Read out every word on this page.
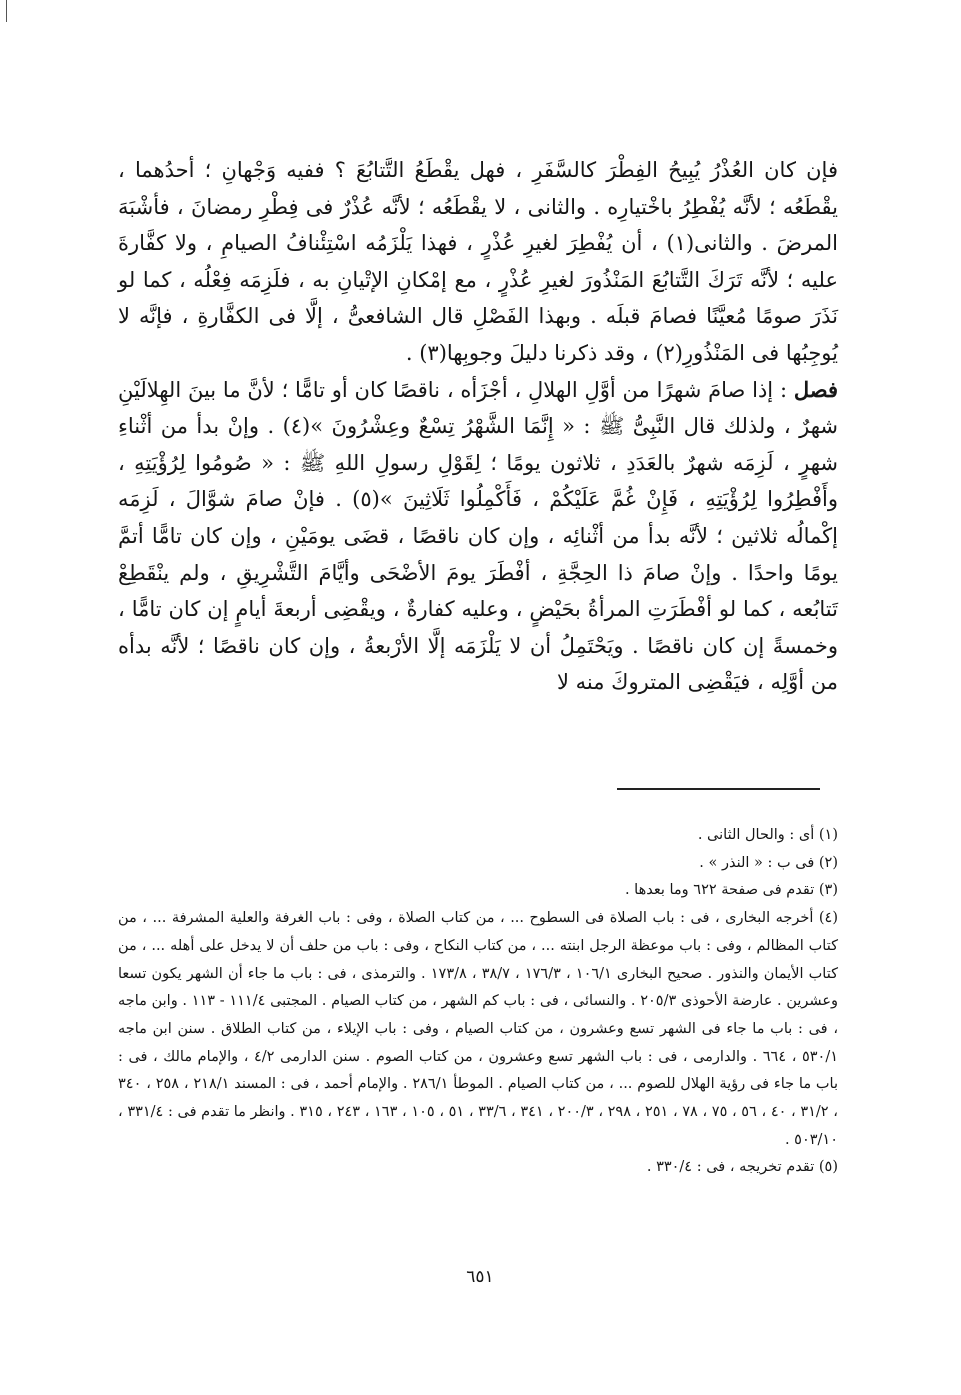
فإن كان العُذْرُ يُبِيحُ الفِطْرَ كالسَّفَرِ ، فهل يقْطَعُ التَّتابُعَ ؟ ففيه وَجْهانِ ؛ أحدُهما ، يقْطَعُه ؛ لأنَّه يُفْطِرُ باخْتيارِه . والثانى ، لا يقْطَعُه ؛ لأنَّه عُذْرٌ فى فِطْرِ رمضانَ ، فأشْبَهَ المرضَ . والثانى(١) ، أن يُفْطِرَ لغيرِ عُذْرٍ ، فهذا يَلْزَمُه اسْتِئْنافُ الصيامِ ، ولا كفَّارةَ عليه ؛ لأنَّه تَرَكَ التَّتابُعَ المَنْذُورَ لغيرِ عُذْرٍ ، مع إمْكانِ الإتْيانِ به ، فلَزِمَه فِعْلُه ، كما لو نَذَرَ صومًا مُعيَّنًا فصامَ قبلَه . وبهذا الفَصْلِ قال الشافعىُّ ، إلَّا فى الكفَّارةِ ، فإنَّه لا يُوجِبُها فى المَنْذُورِ(٢) ، وقد ذكرنا دليلَ وجوبِها(٣) .

فصل : إذا صامَ شهرًا من أوَّلِ الهلالِ ، أجْزَأه ، ناقصًا كان أو تامًّا ؛ لأنَّ ما بينَ الهِلالَيْنِ شهرٌ ، ولذلك قال النَّبِىُّ ﷺ : « إِنَّمَا الشَّهْرُ تِسْعٌ وعِشْرُونَ »(٤) . وإنْ بدأ من أثْناءِ شهرٍ ، لَزِمَه شهرٌ بالعَدَدِ ، ثلاثون يومًا ؛ لِقَوْلِ رسولِ اللهِ ﷺ : « صُومُوا لِرُؤْيَتِهِ ، وأَفْطِرُوا لِرُؤْيَتِهِ ، فَإِنْ غُمَّ عَلَيْكُمْ ، فَأَكْمِلُوا ثَلَاثِينَ »(٥) . فإنْ صامَ شوَّالَ ، لَزِمَه إكْمالُه ثلاثين ؛ لأنَّه بدأ من أثْنائِه ، وإن كان ناقصًا ، قضَى يومَيْنِ ، وإن كان تامًّا أتمَّ يومًا واحدًا . وإنْ صامَ ذا الحِجَّةِ ، أفْطَرَ يومَ الأضْحَى وأيَّامَ التَّشْرِيقِ ، ولم ينْقَطِعْ تَتابُعه ، كما لو أفْطَرَتِ المرأةُ بحَيْضٍ ، وعليه كفارةٌ ، ويقْضِى أربعةَ أيامٍ إن كان تامًّا ، وخمسةً إن كان ناقصًا . ويَحْتَمِلُ أن لا يَلْزَمَه إلَّا الأرْبعةُ ، وإن كان ناقصًا ؛ لأنَّه بدأه من أوَّلِه ، فيَقْضِى المتروكَ منه لا

(١) أى : والحال الثانى .

(٢) فى ب : « النذر » .

(٣) تقدم فى صفحة ٦٢٢ وما بعدها .

(٤) أخرجه البخارى ، فى : باب الصلاة فى السطوح ... ، من كتاب الصلاة ، وفى : باب الغرفة والعلية المشرفة ... ، من كتاب المظالم ، وفى : باب موعظة الرجل ابنته ... ، من كتاب النكاح ، وفى : باب من حلف أن لا يدخل على أهله ... ، من كتاب الأيمان والنذور . صحيح البخارى ١٠٦/١ ، ١٧٦/٣ ، ٣٨/٧ ، ١٧٣/٨ . والترمذى ، فى : باب ما جاء أن الشهر يكون تسعا وعشرين . عارضة الأحوذى ٢٠٥/٣ . والنسائى ، فى : باب كم الشهر ، من كتاب الصيام . المجتبى ١١١/٤ - ١١٣ . وابن ماجه ، فى : باب ما جاء فى الشهر تسع وعشرون ، من كتاب الصيام ، وفى : باب الإيلاء ، من كتاب الطلاق . سنن ابن ماجه ٥٣٠/١ ، ٦٦٤ . والدارمى ، فى : باب الشهر تسع وعشرون ، من كتاب الصوم . سنن الدارمى ٤/٢ ، والإمام مالك ، فى : باب ما جاء فى رؤية الهلال للصوم ... ، من كتاب الصيام . الموطأ ٢٨٦/١ . والإمام أحمد ، فى : المسند ٢١٨/١ ، ٢٥٨ ، ٣٤٠ ، ٣١/٢ ، ٤٠ ، ٥٦ ، ٧٥ ، ٧٨ ، ٢٥١ ، ٢٩٨ ، ٢٠٠/٣ ، ٣٤١ ، ٣٣/٦ ، ٥١ ، ١٠٥ ، ١٦٣ ، ٢٤٣ ، ٣١٥ . وانظر ما تقدم فى : ٣٣١/٤ ، ٥٠٣/١٠ .

(٥) تقدم تخريجه ، فى : ٣٣٠/٤ .

٦٥١
